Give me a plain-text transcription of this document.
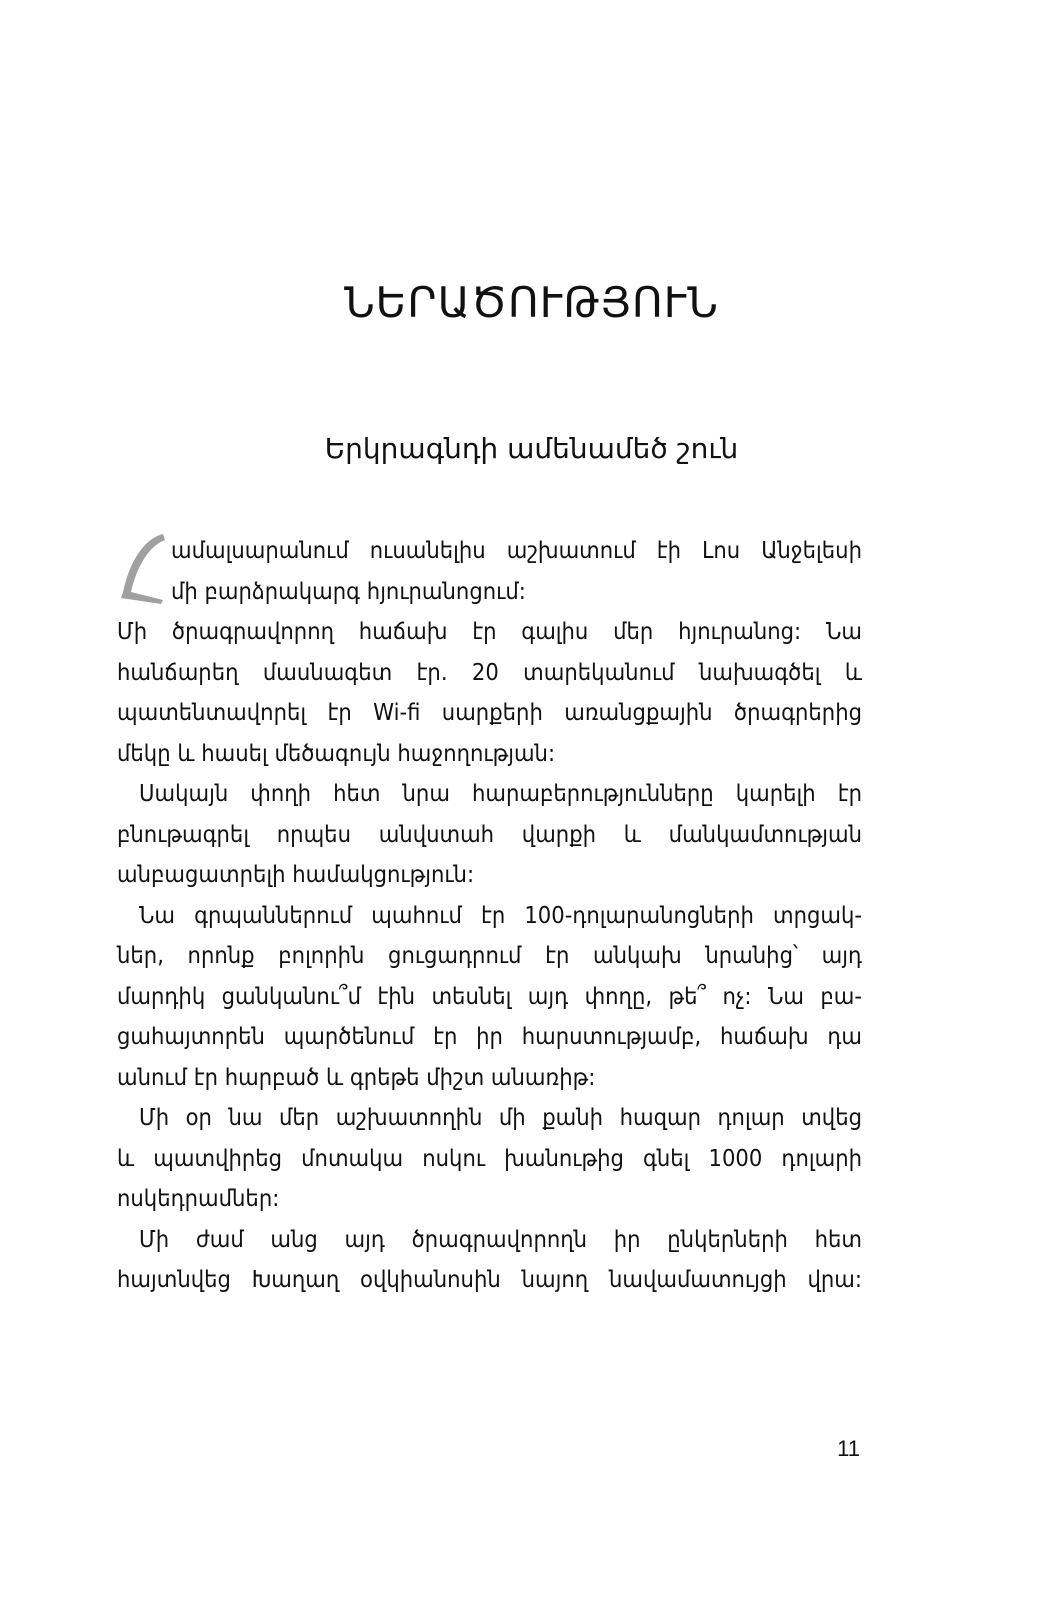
ՆԵՐԱԾՈՒԹՅՈՒՆ
Երկրագնդի ամենամեծ շուն
ամալսարանում ուսանելիս աշխատում էի Լոս Անջելեսի
մի բարձրակարգ հյուրանոցում:
Մի ծրագրավորող հաճախ էր գալիս մեր հյուրանոց: Նա
հանճարեղ մասնագետ էր. 20 տարեկանում նախագծել և
պատենտավորել էր Wi-fi սարքերի առանցքային ծրագրերից
մեկը և հասել մեծագույն հաջողության:
Սակայն փողի հետ նրա հարաբերությունները կարելի էր
բնութագրել որպես անվստահ վարքի և մանկամտության
անբացատրելի համակցություն:
Նա գրպաններում պահում էր 100-դոլարանոցների տրցակ-
ներ, որոնք բոլորին ցուցադրում էր անկախ նրանից՝ այդ
մարդիկ ցանկանու՞մ էին տեսնել այդ փողը, թե՞ ոչ: Նա բա-
ցահայտորեն պարծենում էր իր հարստությամբ, հաճախ դա
անում էր հարբած և գրեթե միշտ անառիթ:
Մի օր նա մեր աշխատողին մի քանի հազար դոլար տվեց
և պատվիրեց մոտակա ոսկու խանութից գնել 1000 դոլարի
ոսկեդրամներ:
Մի ժամ անց այդ ծրագրավորողն իր ընկերների հետ
հայտնվեց Խաղաղ օվկիանոսին նայող նավամատույցի վրա:
11
